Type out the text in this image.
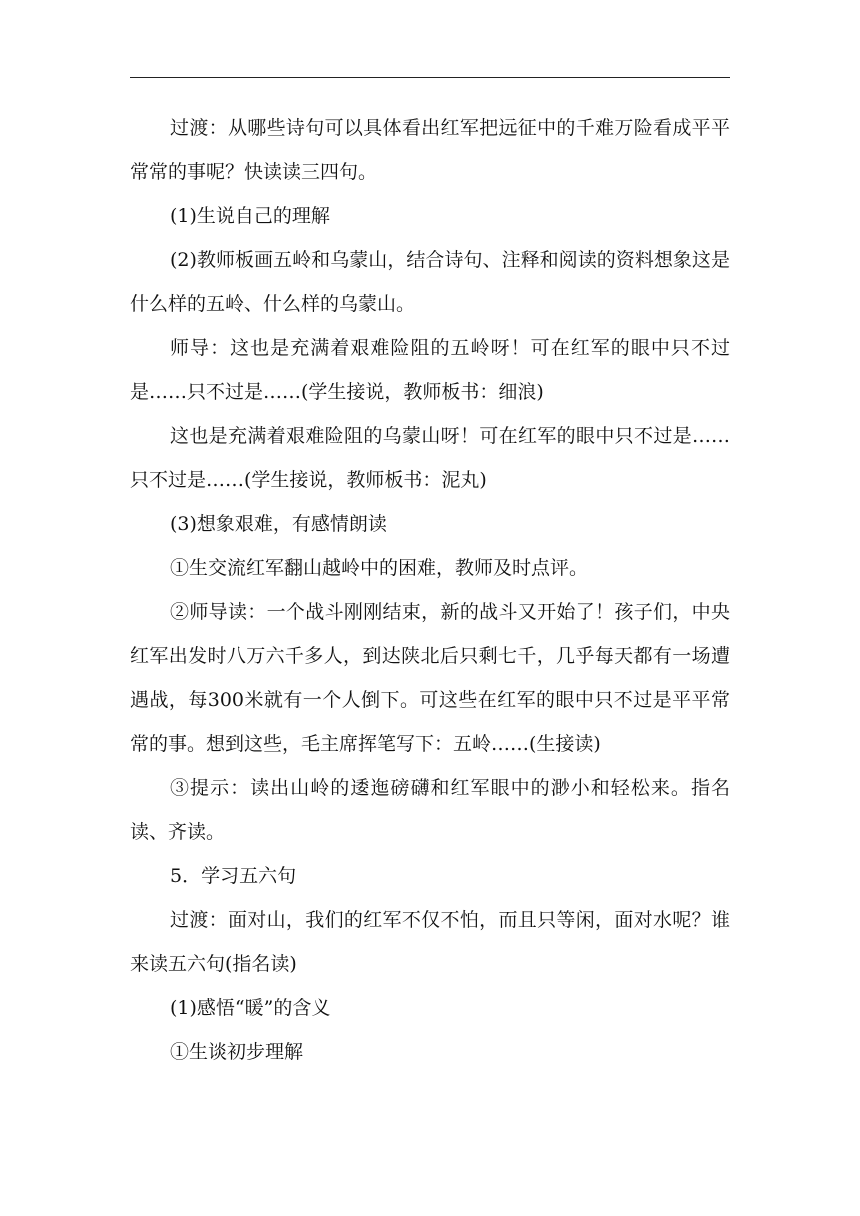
过渡：从哪些诗句可以具体看出红军把远征中的千难万险看成平平常常的事呢？快读读三四句。

(1)生说自己的理解

(2)教师板画五岭和乌蒙山，结合诗句、注释和阅读的资料想象这是什么样的五岭、什么样的乌蒙山。

师导：这也是充满着艰难险阻的五岭呀！可在红军的眼中只不过是……只不过是……(学生接说，教师板书：细浪)

这也是充满着艰难险阻的乌蒙山呀！可在红军的眼中只不过是……只不过是……(学生接说，教师板书：泥丸)

(3)想象艰难，有感情朗读

①生交流红军翻山越岭中的困难，教师及时点评。

②师导读：一个战斗刚刚结束，新的战斗又开始了！孩子们，中央红军出发时八万六千多人，到达陕北后只剩七千，几乎每天都有一场遭遇战，每300米就有一个人倒下。可这些在红军的眼中只不过是平平常常的事。想到这些，毛主席挥笔写下：五岭……(生接读)

③提示：读出山岭的逶迤磅礴和红军眼中的渺小和轻松来。指名读、齐读。

5．学习五六句

过渡：面对山，我们的红军不仅不怕，而且只等闲，面对水呢？谁来读五六句(指名读)

(1)感悟“暖”的含义

①生谈初步理解
